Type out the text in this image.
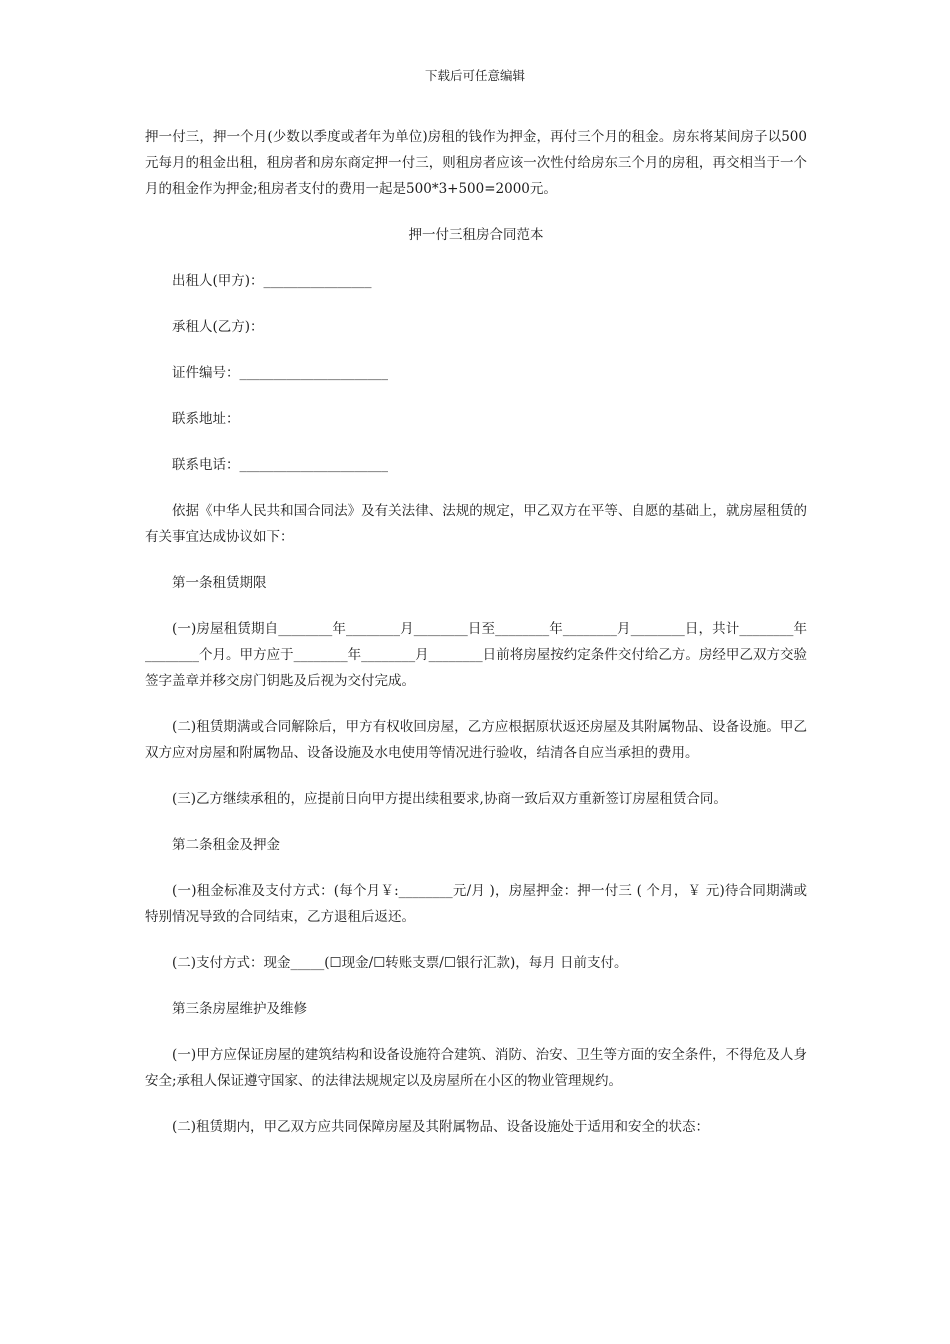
下载后可任意编辑

押一付三，押一个月(少数以季度或者年为单位)房租的钱作为押金，再付三个月的租金。房东将某间房子以500元每月的租金出租，租房者和房东商定押一付三，则租房者应该一次性付给房东三个月的房租，再交相当于一个月的租金作为押金;租房者支付的费用一起是500*3+500=2000元。

押一付三租房合同范本

出租人(甲方)：________________

承租人(乙方)：

证件编号：______________________

联系地址：

联系电话：______________________

依据《中华人民共和国合同法》及有关法律、法规的规定，甲乙双方在平等、自愿的基础上，就房屋租赁的有关事宜达成协议如下：

第一条租赁期限

(一)房屋租赁期自________年________月________日至________年________月________日，共计________年________个月。甲方应于________年________月________日前将房屋按约定条件交付给乙方。房经甲乙双方交验签字盖章并移交房门钥匙及后视为交付完成。

(二)租赁期满或合同解除后，甲方有权收回房屋，乙方应根据原状返还房屋及其附属物品、设备设施。甲乙双方应对房屋和附属物品、设备设施及水电使用等情况进行验收，结清各自应当承担的费用。

(三)乙方继续承租的，应提前日向甲方提出续租要求,协商一致后双方重新签订房屋租赁合同。

第二条租金及押金

(一)租金标准及支付方式：(每个月￥:________元/月 )，房屋押金：押一付三 ( 个月，￥ 元)待合同期满或特别情况导致的合同结束，乙方退租后返还。

(二)支付方式：现金_____(☐现金/☐转账支票/☐银行汇款)，每月 日前支付。

第三条房屋维护及维修

(一)甲方应保证房屋的建筑结构和设备设施符合建筑、消防、治安、卫生等方面的安全条件，不得危及人身安全;承租人保证遵守国家、的法律法规规定以及房屋所在小区的物业管理规约。

(二)租赁期内，甲乙双方应共同保障房屋及其附属物品、设备设施处于适用和安全的状态：
